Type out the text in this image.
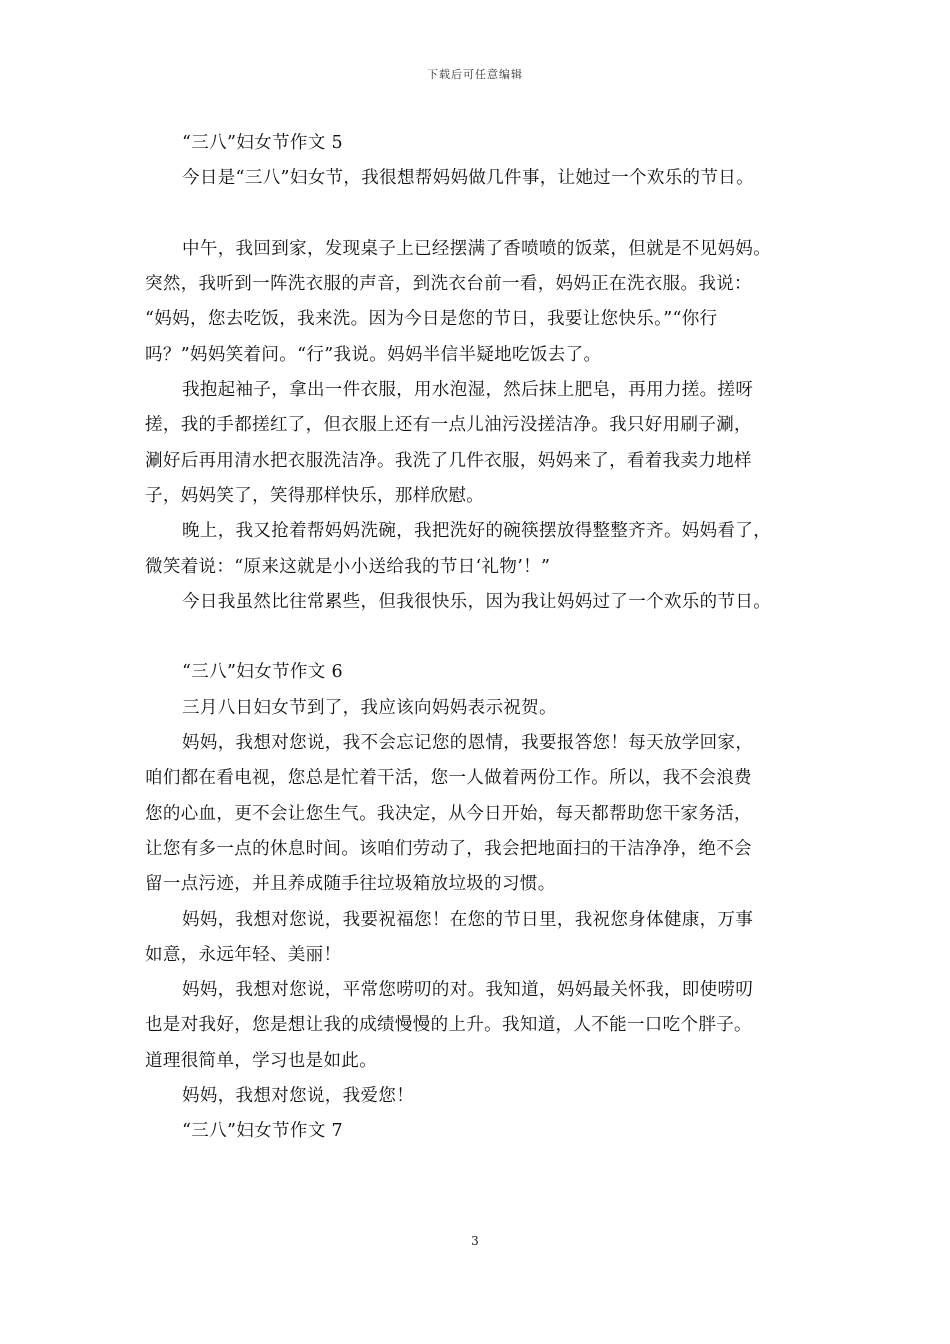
下载后可任意编辑
“三八”妇女节作文 5
今日是“三八”妇女节，我很想帮妈妈做几件事，让她过一个欢乐的节日。
中午，我回到家，发现桌子上已经摆满了香喷喷的饭菜，但就是不见妈妈。
突然，我听到一阵洗衣服的声音，到洗衣台前一看，妈妈正在洗衣服。我说：
“妈妈，您去吃饭，我来洗。因为今日是您的节日，我要让您快乐。”“你行
吗？”妈妈笑着问。“行”我说。妈妈半信半疑地吃饭去了。
我抱起袖子，拿出一件衣服，用水泡湿，然后抹上肥皂，再用力搓。搓呀
搓，我的手都搓红了，但衣服上还有一点儿油污没搓洁净。我只好用刷子涮，
涮好后再用清水把衣服洗洁净。我洗了几件衣服，妈妈来了，看着我卖力地样
子，妈妈笑了，笑得那样快乐，那样欣慰。
晚上，我又抢着帮妈妈洗碗，我把洗好的碗筷摆放得整整齐齐。妈妈看了，
微笑着说：“原来这就是小小送给我的节日‘礼物’！”
今日我虽然比往常累些，但我很快乐，因为我让妈妈过了一个欢乐的节日。
“三八”妇女节作文 6
三月八日妇女节到了，我应该向妈妈表示祝贺。
妈妈，我想对您说，我不会忘记您的恩情，我要报答您！每天放学回家，
咱们都在看电视，您总是忙着干活，您一人做着两份工作。所以，我不会浪费
您的心血，更不会让您生气。我决定，从今日开始，每天都帮助您干家务活，
让您有多一点的休息时间。该咱们劳动了，我会把地面扫的干洁净净，绝不会
留一点污迹，并且养成随手往垃圾箱放垃圾的习惯。
妈妈，我想对您说，我要祝福您！在您的节日里，我祝您身体健康，万事
如意，永远年轻、美丽！
妈妈，我想对您说，平常您唠叨的对。我知道，妈妈最关怀我，即使唠叨
也是对我好，您是想让我的成绩慢慢的上升。我知道，人不能一口吃个胖子。
道理很简单，学习也是如此。
妈妈，我想对您说，我爱您！
“三八”妇女节作文 7
3
